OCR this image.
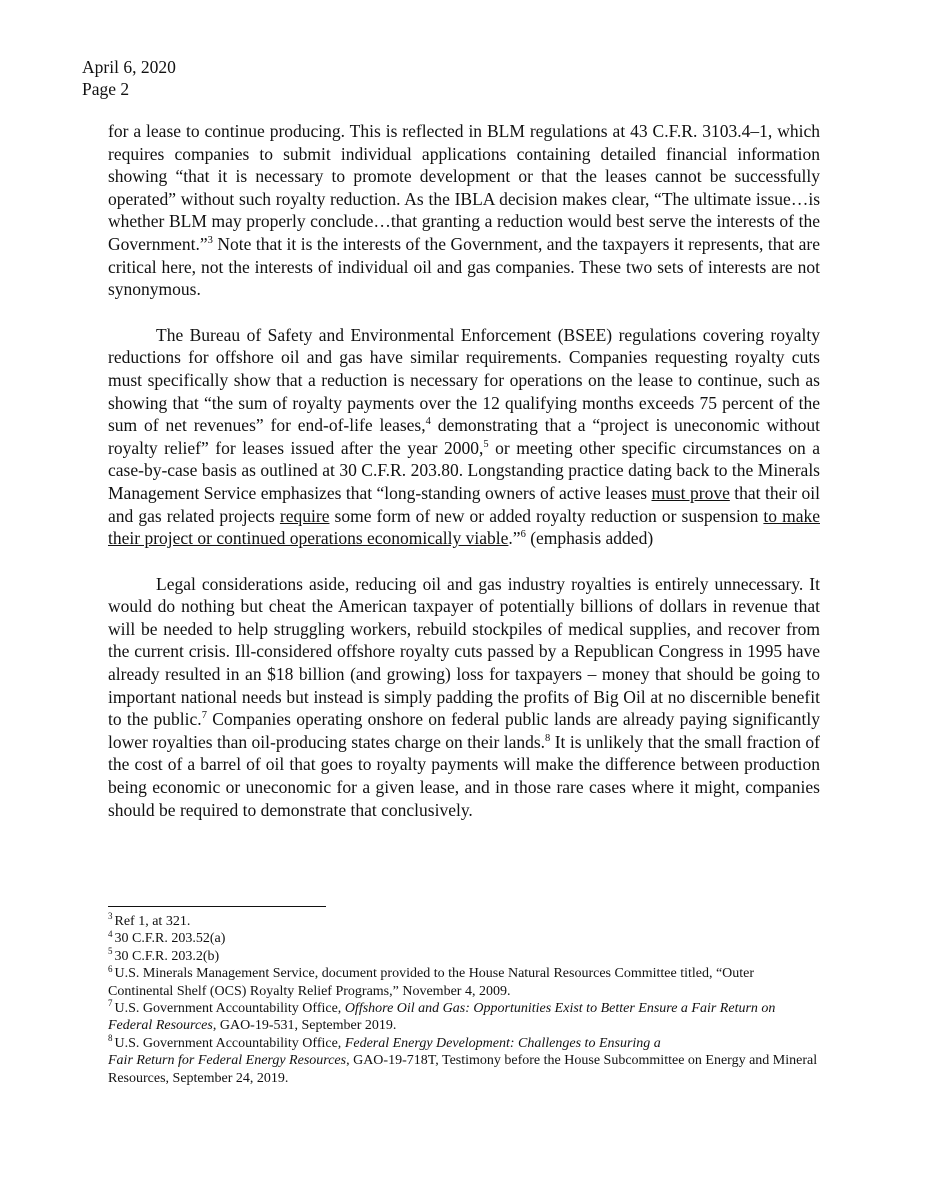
April 6, 2020
Page 2

for a lease to continue producing. This is reflected in BLM regulations at 43 C.F.R. 3103.4–1, which requires companies to submit individual applications containing detailed financial information showing “that it is necessary to promote development or that the leases cannot be successfully operated” without such royalty reduction. As the IBLA decision makes clear, “The ultimate issue…is whether BLM may properly conclude…that granting a reduction would best serve the interests of the Government.”$^3$ Note that it is the interests of the Government, and the taxpayers it represents, that are critical here, not the interests of individual oil and gas companies. These two sets of interests are not synonymous.

The Bureau of Safety and Environmental Enforcement (BSEE) regulations covering royalty reductions for offshore oil and gas have similar requirements. Companies requesting royalty cuts must specifically show that a reduction is necessary for operations on the lease to continue, such as showing that “the sum of royalty payments over the 12 qualifying months exceeds 75 percent of the sum of net revenues” for end-of-life leases,$^4$ demonstrating that a “project is uneconomic without royalty relief” for leases issued after the year 2000,$^5$ or meeting other specific circumstances on a case-by-case basis as outlined at 30 C.F.R. 203.80. Longstanding practice dating back to the Minerals Management Service emphasizes that “long-standing owners of active leases must prove that their oil and gas related projects require some form of new or added royalty reduction or suspension to make their project or continued operations economically viable.”$^6$ (emphasis added)

Legal considerations aside, reducing oil and gas industry royalties is entirely unnecessary. It would do nothing but cheat the American taxpayer of potentially billions of dollars in revenue that will be needed to help struggling workers, rebuild stockpiles of medical supplies, and recover from the current crisis. Ill-considered offshore royalty cuts passed by a Republican Congress in 1995 have already resulted in an $18 billion (and growing) loss for taxpayers – money that should be going to important national needs but instead is simply padding the profits of Big Oil at no discernible benefit to the public.$^7$ Companies operating onshore on federal public lands are already paying significantly lower royalties than oil-producing states charge on their lands.$^8$ It is unlikely that the small fraction of the cost of a barrel of oil that goes to royalty payments will make the difference between production being economic or uneconomic for a given lease, and in those rare cases where it might, companies should be required to demonstrate that conclusively.

$^3$ Ref 1, at 321.

$^4$ 30 C.F.R. 203.52(a)

$^5$ 30 C.F.R. 203.2(b)

$^6$ U.S. Minerals Management Service, document provided to the House Natural Resources Committee titled, “Outer Continental Shelf (OCS) Royalty Relief Programs,” November 4, 2009.

$^7$ U.S. Government Accountability Office, Offshore Oil and Gas: Opportunities Exist to Better Ensure a Fair Return on Federal Resources, GAO-19-531, September 2019.

$^8$ U.S. Government Accountability Office, Federal Energy Development: Challenges to Ensuring a
Fair Return for Federal Energy Resources, GAO-19-718T, Testimony before the House Subcommittee on Energy and Mineral Resources, September 24, 2019.
